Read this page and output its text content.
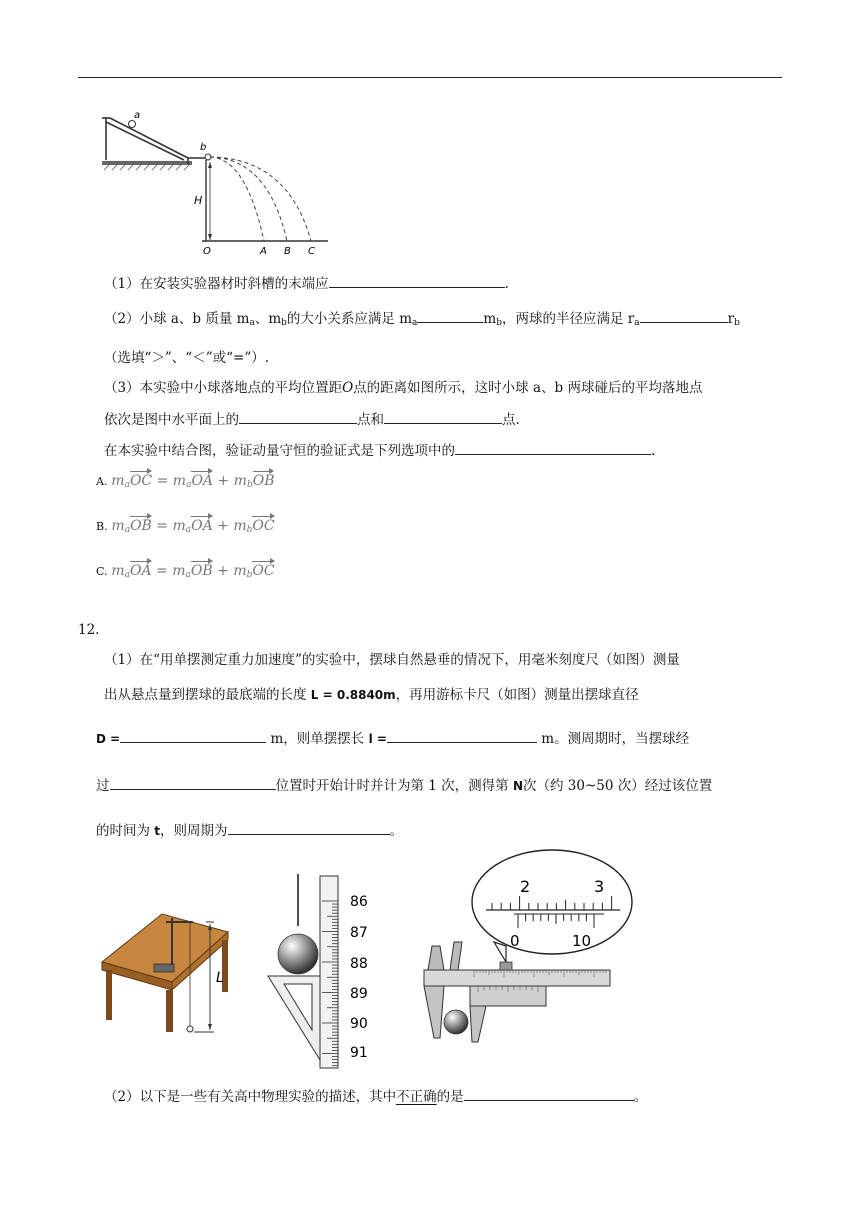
a
b
H
O	A B C
（1）在安装实验器材时斜槽的末端应	.
（2）小球 a、b 质量 $m_a$、$m_b$的大小关系应满足 $m_a$	$m_b$，两球的半径应满足 $r_a$	$r_b$
（选填“＞”、“＜”或“=”）.
（3）本实验中小球落地点的平均位置距O点的距离如图所示，这时小球 a、b 两球碰后的平均落地点
依次是图中水平面上的	点和	点.
在本实验中结合图，验证动量守恒的验证式是下列选项中的	.
A. $m_aOC = m_aOA + m_bOB$
B. $m_aOB = m_aOA + m_bOC$
C. $m_aOA = m_aOB + m_bOC$
12.
（1）在“用单摆测定重力加速度”的实验中，摆球自然悬垂的情况下，用毫米刻度尺（如图）测量
出从悬点量到摆球的最底端的长度 L = 0.8840m，再用游标卡尺（如图）测量出摆球直径
D =	m，则单摆摆长 l =	m。测周期时，当摆球经
过	位置时开始计时并计为第 1 次，测得第 N次（约 30~50 次）经过该位置
的时间为 t，则周期为	。
L
86
87
88
89
90
91
2	3
0	10
（2）以下是一些有关高中物理实验的描述，其中不正确的是	。
